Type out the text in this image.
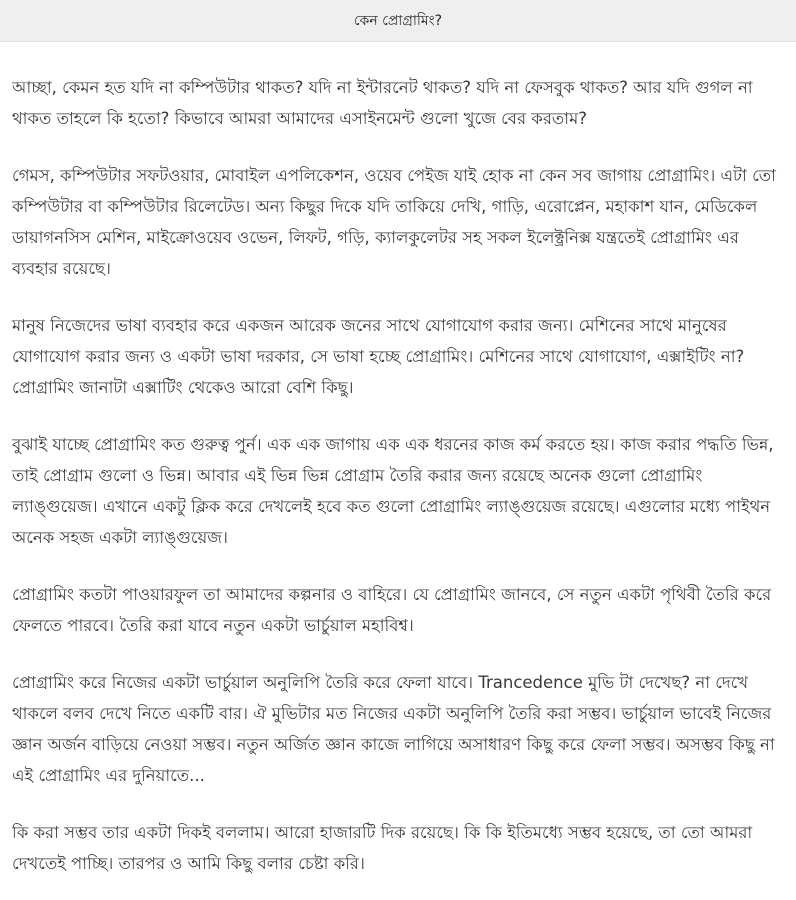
কেন প্রোগ্রামিং?

আচ্ছা, কেমন হত যদি না কম্পিউটার থাকত? যদি না ইন্টারনেট থাকত? যদি না ফেসবুক থাকত? আর যদি গুগল না থাকত তাহলে কি হতো? কিভাবে আমরা আমাদের এসাইনমেন্ট গুলো খুজে বের করতাম?

গেমস, কম্পিউটার সফটওয়ার, মোবাইল এপলিকেশন, ওয়েব পেইজ যাই হোক না কেন সব জাগায় প্রোগ্রামিং। এটা তো কম্পিউটার বা কম্পিউটার রিলেটেড। অন্য কিছুর দিকে যদি তাকিয়ে দেখি, গাড়ি, এরোপ্লেন, মহাকাশ যান, মেডিকেল ডায়াগনসিস মেশিন, মাইক্রোওয়েব ওভেন, লিফট, গড়ি, ক্যালকুলেটর সহ সকল ইলেক্ট্রনিক্স যন্ত্রতেই প্রোগ্রামিং এর ব্যবহার রয়েছে।

মানুষ নিজেদের ভাষা ব্যবহার করে একজন আরেক জনের সাথে যোগাযোগ করার জন্য। মেশিনের সাথে মানুষের যোগাযোগ করার জন্য ও একটা ভাষা দরকার, সে ভাষা হচ্ছে প্রোগ্রামিং। মেশিনের সাথে যোগাযোগ, এক্সাইটিং না? প্রোগ্রামিং জানাটা এক্সাটিং থেকেও আরো বেশি কিছু।

বুঝাই যাচ্ছে প্রোগ্রামিং কত গুরুত্ব পুর্ন। এক এক জাগায় এক এক ধরনের কাজ কর্ম করতে হয়। কাজ করার পদ্ধতি ভিন্ন, তাই প্রোগ্রাম গুলো ও ভিন্ন। আবার এই ভিন্ন ভিন্ন প্রোগ্রাম তৈরি করার জন্য রয়েছে অনেক গুলো প্রোগ্রামিং ল্যাঙ্গুয়েজ। এখানে একটু ক্লিক করে দেখলেই হবে কত গুলো প্রোগ্রামিং ল্যাঙ্গুয়েজ রয়েছে। এগুলোর মধ্যে পাইথন অনেক সহজ একটা ল্যাঙ্গুয়েজ।

প্রোগ্রামিং কতটা পাওয়ারফুল তা আমাদের কল্পনার ও বাহিরে। যে প্রোগ্রামিং জানবে, সে নতুন একটা পৃথিবী তৈরি করে ফেলতে পারবে। তৈরি করা যাবে নতুন একটা ভার্চুয়াল মহাবিশ্ব।

প্রোগ্রামিং করে নিজের একটা ভার্চুয়াল অনুলিপি তৈরি করে ফেলা যাবে। Trancedence মুভি টা দেখেছ? না দেখে থাকলে বলব দেখে নিতে একটি বার। ঐ মুভিটার মত নিজের একটা অনুলিপি তৈরি করা সম্ভব। ভার্চুয়াল ভাবেই নিজের জ্ঞান অর্জন বাড়িয়ে নেওয়া সম্ভব। নতুন অর্জিত জ্ঞান কাজে লাগিয়ে অসাধারণ কিছু করে ফেলা সম্ভব। অসম্ভব কিছু না এই প্রোগ্রামিং এর দুনিয়াতে...

কি করা সম্ভব তার একটা দিকই বললাম। আরো হাজারটি দিক রয়েছে। কি কি ইতিমধ্যে সম্ভব হয়েছে, তা তো আমরা দেখতেই পাচ্ছি। তারপর ও আমি কিছু বলার চেষ্টা করি।
